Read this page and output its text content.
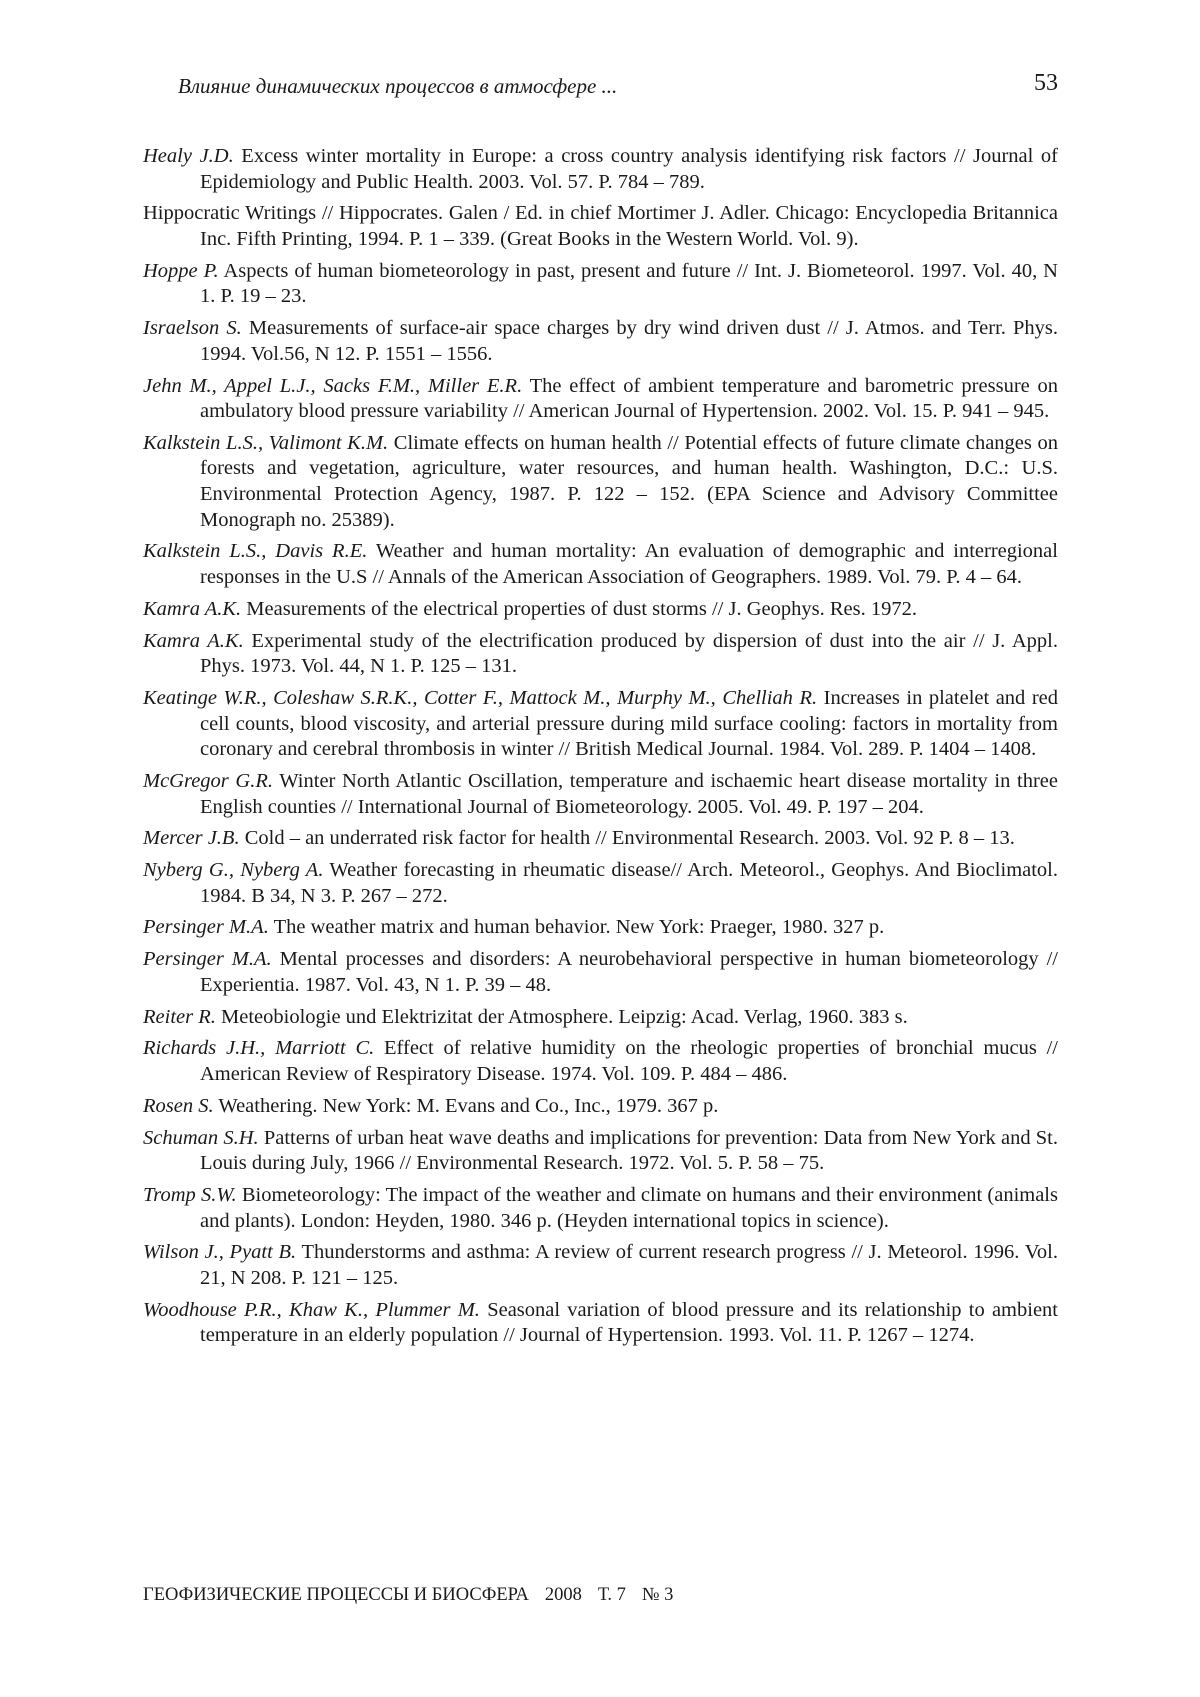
Влияние динамических процессов в атмосфере ...	53
Healy J.D. Excess winter mortality in Europe: a cross country analysis identifying risk factors // Journal of Epidemiology and Public Health. 2003. Vol. 57. P. 784 – 789.
Hippocratic Writings // Hippocrates. Galen / Ed. in chief Mortimer J. Adler. Chicago: Encyclopedia Britannica Inc. Fifth Printing, 1994. P. 1 – 339. (Great Books in the Western World. Vol. 9).
Hoppe P. Aspects of human biometeorology in past, present and future // Int. J. Biometeorol. 1997. Vol. 40, N 1. P. 19 – 23.
Israelson S. Measurements of surface-air space charges by dry wind driven dust // J. Atmos. and Terr. Phys. 1994. Vol.56, N 12. P. 1551 – 1556.
Jehn M., Appel L.J., Sacks F.M., Miller E.R. The effect of ambient temperature and barometric pressure on ambulatory blood pressure variability // American Journal of Hypertension. 2002. Vol. 15. P. 941 – 945.
Kalkstein L.S., Valimont K.M. Climate effects on human health // Potential effects of future climate changes on forests and vegetation, agriculture, water resources, and human health. Washington, D.C.: U.S. Environmental Protection Agency, 1987. P. 122 – 152. (EPA Science and Advisory Committee Monograph no. 25389).
Kalkstein L.S., Davis R.E. Weather and human mortality: An evaluation of demographic and interregional responses in the U.S // Annals of the American Association of Geographers. 1989. Vol. 79. P. 4 – 64.
Kamra A.K. Measurements of the electrical properties of dust storms // J. Geophys. Res. 1972.
Kamra A.K. Experimental study of the electrification produced by dispersion of dust into the air // J. Appl. Phys. 1973. Vol. 44, N 1. P. 125 – 131.
Keatinge W.R., Coleshaw S.R.K., Cotter F., Mattock M., Murphy M., Chelliah R. Increases in platelet and red cell counts, blood viscosity, and arterial pressure during mild surface cooling: factors in mortality from coronary and cerebral thrombosis in winter // British Medical Journal. 1984. Vol. 289. P. 1404 – 1408.
McGregor G.R. Winter North Atlantic Oscillation, temperature and ischaemic heart disease mortality in three English counties // International Journal of Biometeorology. 2005. Vol. 49. P. 197 – 204.
Mercer J.B. Cold – an underrated risk factor for health // Environmental Research. 2003. Vol. 92 P. 8 – 13.
Nyberg G., Nyberg A. Weather forecasting in rheumatic disease// Arch. Meteorol., Geophys. And Bioclimatol. 1984. B 34, N 3. P. 267 – 272.
Persinger M.A. The weather matrix and human behavior. New York: Praeger, 1980. 327 p.
Persinger M.A. Mental processes and disorders: A neurobehavioral perspective in human biometeorology // Experientia. 1987. Vol. 43, N 1. P. 39 – 48.
Reiter R. Meteobiologie und Elektrizitat der Atmosphere. Leipzig: Acad. Verlag, 1960. 383 s.
Richards J.H., Marriott C. Effect of relative humidity on the rheologic properties of bronchial mucus // American Review of Respiratory Disease. 1974. Vol. 109. P. 484 – 486.
Rosen S. Weathering. New York: M. Evans and Co., Inc., 1979. 367 p.
Schuman S.H. Patterns of urban heat wave deaths and implications for prevention: Data from New York and St. Louis during July, 1966 // Environmental Research. 1972. Vol. 5. P. 58 – 75.
Tromp S.W. Biometeorology: The impact of the weather and climate on humans and their environment (animals and plants). London: Heyden, 1980. 346 p. (Heyden international topics in science).
Wilson J., Pyatt B. Thunderstorms and asthma: A review of current research progress // J. Meteorol. 1996. Vol. 21, N 208. P. 121 – 125.
Woodhouse P.R., Khaw K., Plummer M. Seasonal variation of blood pressure and its relationship to ambient temperature in an elderly population // Journal of Hypertension. 1993. Vol. 11. P. 1267 – 1274.
ГЕОФИЗИЧЕСКИЕ ПРОЦЕССЫ И БИОСФЕРА 2008 Т. 7 № 3
